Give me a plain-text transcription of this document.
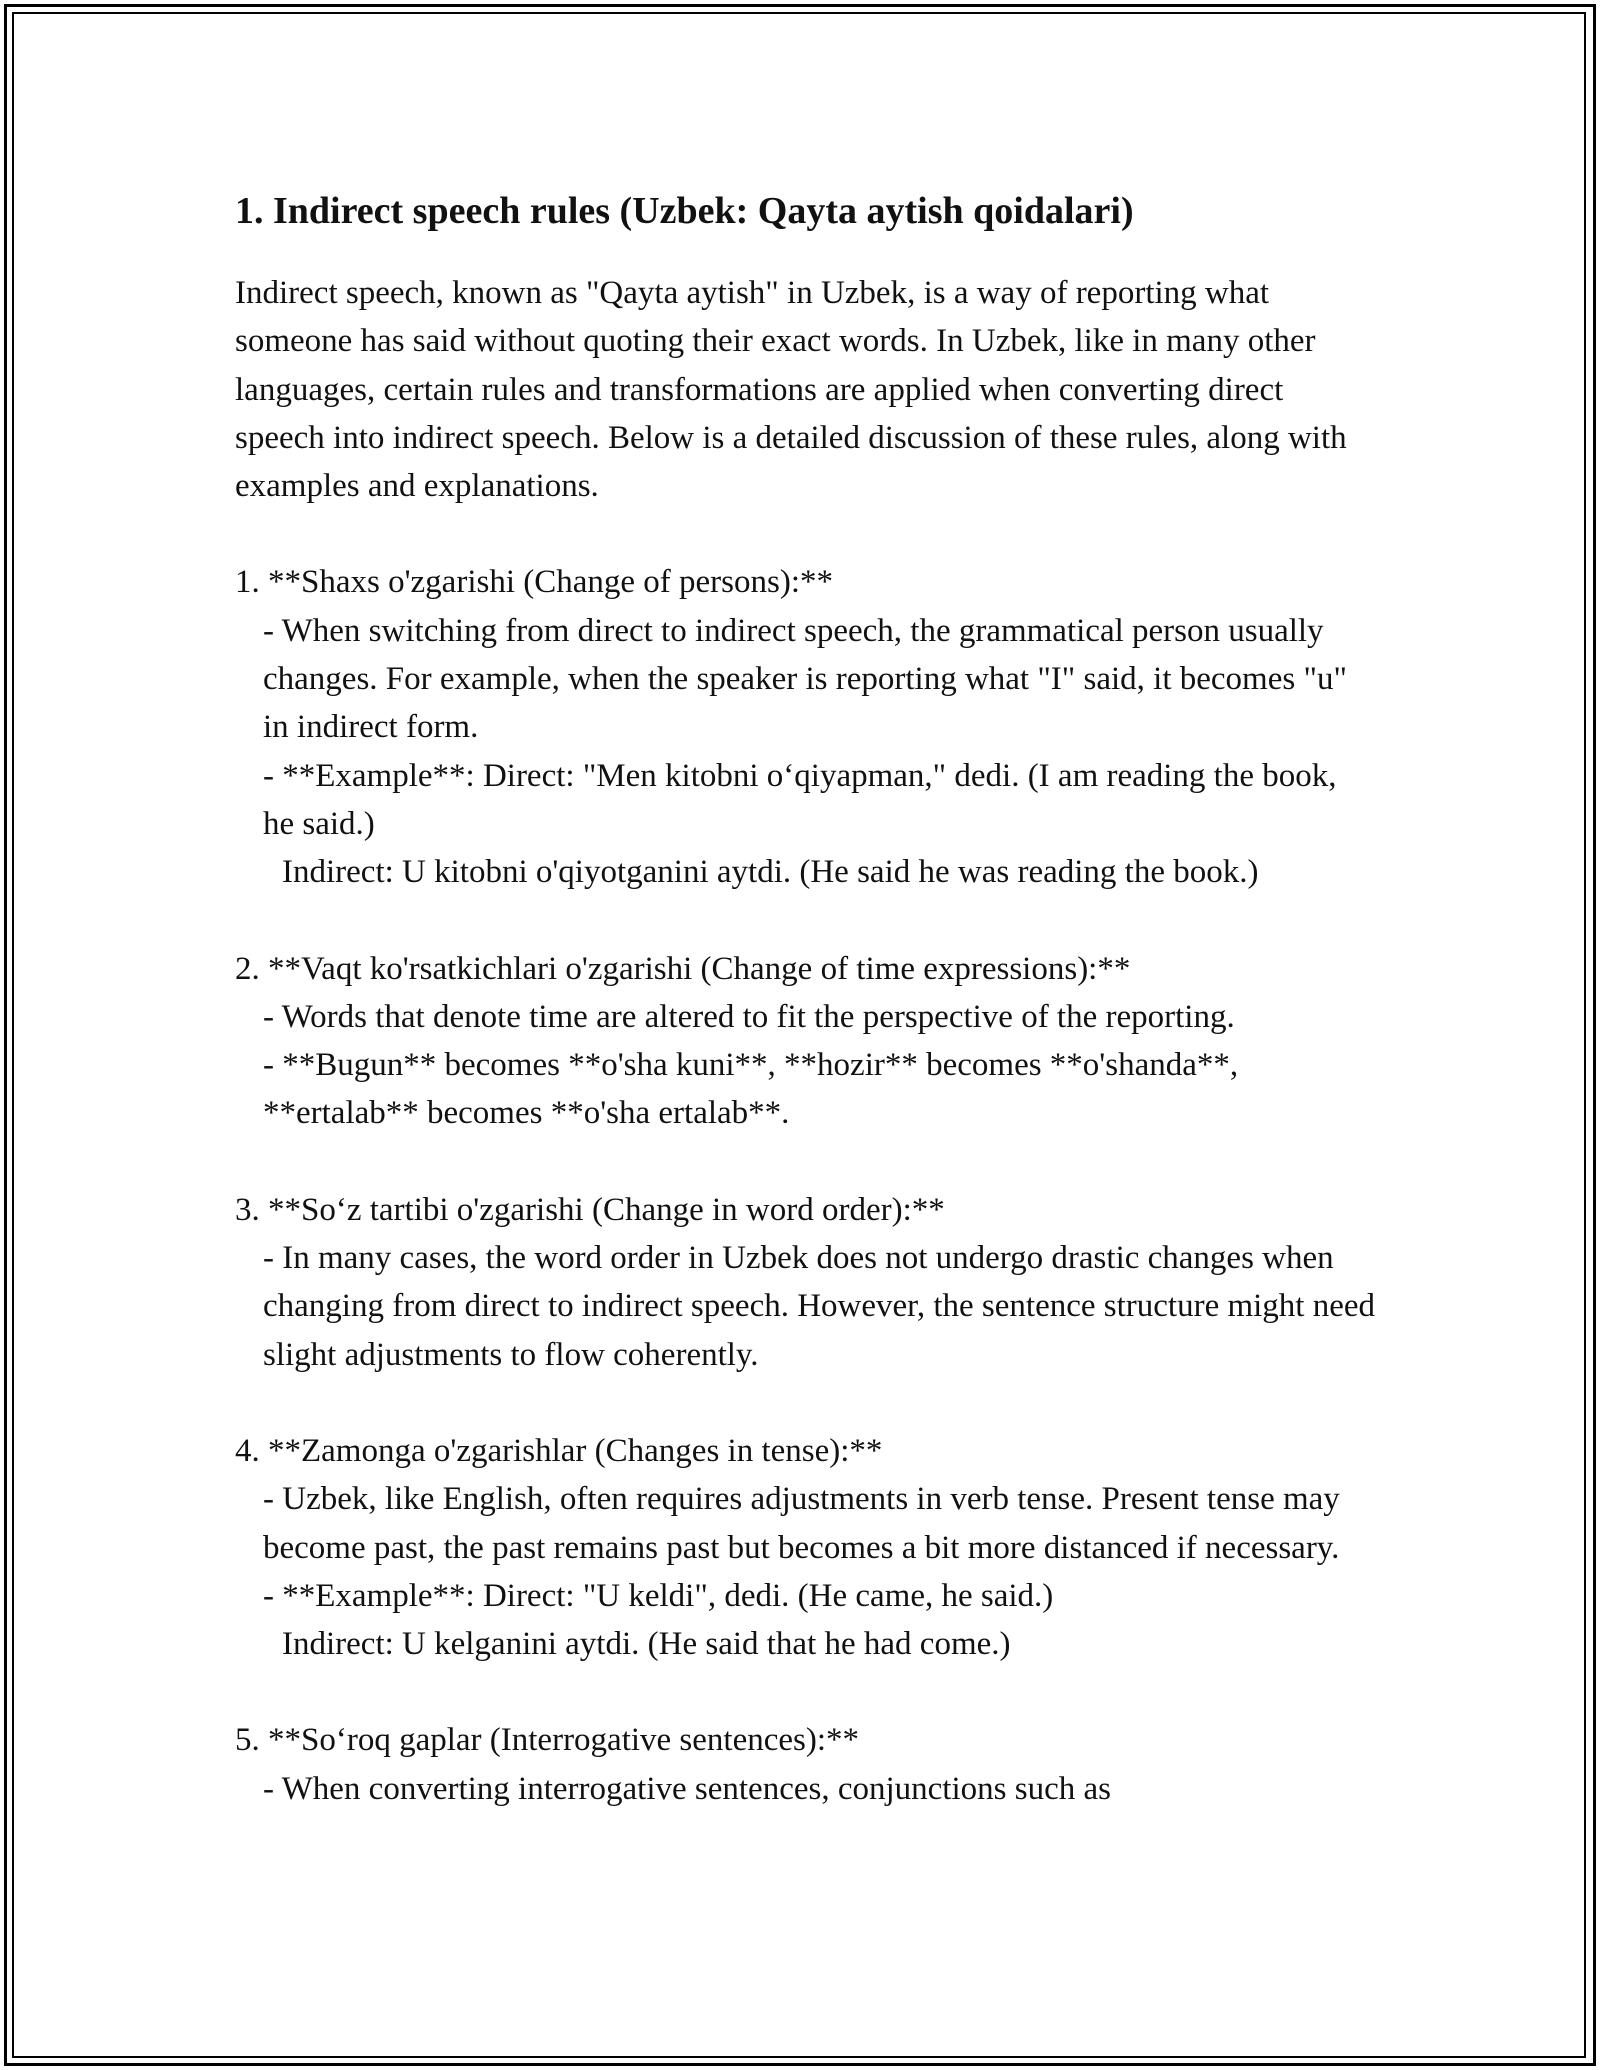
1. Indirect speech rules (Uzbek: Qayta aytish qoidalari)

Indirect speech, known as "Qayta aytish" in Uzbek, is a way of reporting what someone has said without quoting their exact words. In Uzbek, like in many other languages, certain rules and transformations are applied when converting direct speech into indirect speech. Below is a detailed discussion of these rules, along with examples and explanations.

1. **Shaxs o'zgarishi (Change of persons):**

- When switching from direct to indirect speech, the grammatical person usually changes. For example, when the speaker is reporting what "I" said, it becomes "u" in indirect form.

- **Example**: Direct: "Men kitobni o‘qiyapman," dedi. (I am reading the book, he said.)

Indirect: U kitobni o'qiyotganini aytdi. (He said he was reading the book.)

2. **Vaqt ko'rsatkichlari o'zgarishi (Change of time expressions):**

- Words that denote time are altered to fit the perspective of the reporting.

- **Bugun** becomes **o'sha kuni**, **hozir** becomes **o'shanda**, **ertalab** becomes **o'sha ertalab**.

3. **So‘z tartibi o'zgarishi (Change in word order):**

- In many cases, the word order in Uzbek does not undergo drastic changes when changing from direct to indirect speech. However, the sentence structure might need slight adjustments to flow coherently.

4. **Zamonga o'zgarishlar (Changes in tense):**

- Uzbek, like English, often requires adjustments in verb tense. Present tense may become past, the past remains past but becomes a bit more distanced if necessary.

- **Example**: Direct: "U keldi", dedi. (He came, he said.)

Indirect: U kelganini aytdi. (He said that he had come.)

5. **So‘roq gaplar (Interrogative sentences):**

- When converting interrogative sentences, conjunctions such as
